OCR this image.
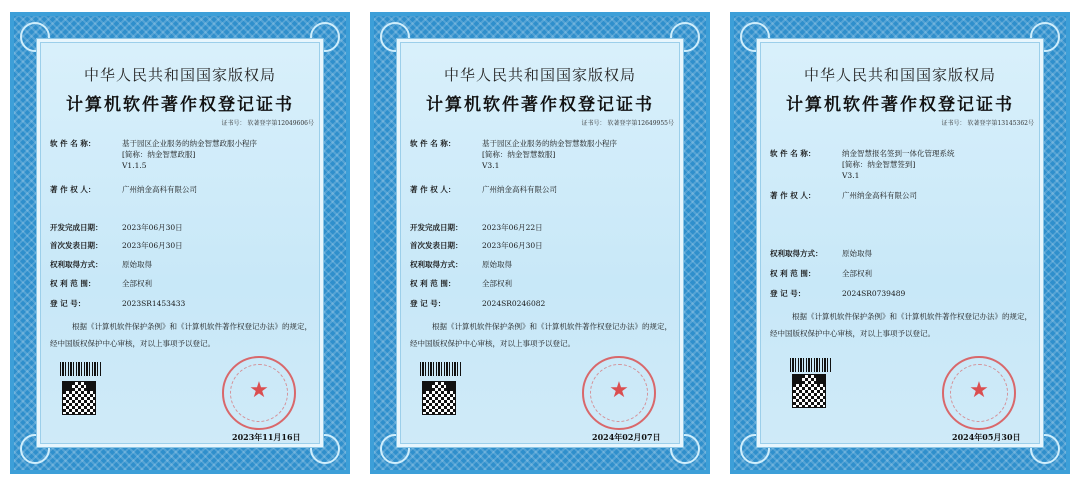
中华人民共和国国家版权局
计算机软件著作权登记证书
证书号： 软著登字第12049606号
软 件 名 称：	基于园区企业服务的纳金智慧政服小程序
[简称：纳金智慧政服]
V1.1.5
著 作 权 人：	广州纳金高科有限公司
开发完成日期：	2023年06月30日
首次发表日期：	2023年06月30日
权利取得方式：	原始取得
权 利 范 围：	全部权利
登 记 号：	2023SR1453433
根据《计算机软件保护条例》和《计算机软件著作权登记办法》的规定，经中国版权保护中心审核，对以上事项予以登记。
★
2023年11月16日
中华人民共和国国家版权局
计算机软件著作权登记证书
证书号： 软著登字第12649955号
软 件 名 称：	基于园区企业服务的纳金智慧数服小程序
[简称：纳金智慧数服]
V3.1
著 作 权 人：	广州纳金高科有限公司
开发完成日期：	2023年06月22日
首次发表日期：	2023年06月30日
权利取得方式：	原始取得
权 利 范 围：	全部权利
登 记 号：	2024SR0246082
根据《计算机软件保护条例》和《计算机软件著作权登记办法》的规定，经中国版权保护中心审核，对以上事项予以登记。
★
2024年02月07日
中华人民共和国国家版权局
计算机软件著作权登记证书
证书号： 软著登字第13145362号
软 件 名 称：	纳金智慧报名签到一体化管理系统
[简称：纳金智慧签到]
V3.1
著 作 权 人：	广州纳金高科有限公司
权利取得方式：	原始取得
权 利 范 围：	全部权利
登 记 号：	2024SR0739489
根据《计算机软件保护条例》和《计算机软件著作权登记办法》的规定，经中国版权保护中心审核，对以上事项予以登记。
★
2024年05月30日
